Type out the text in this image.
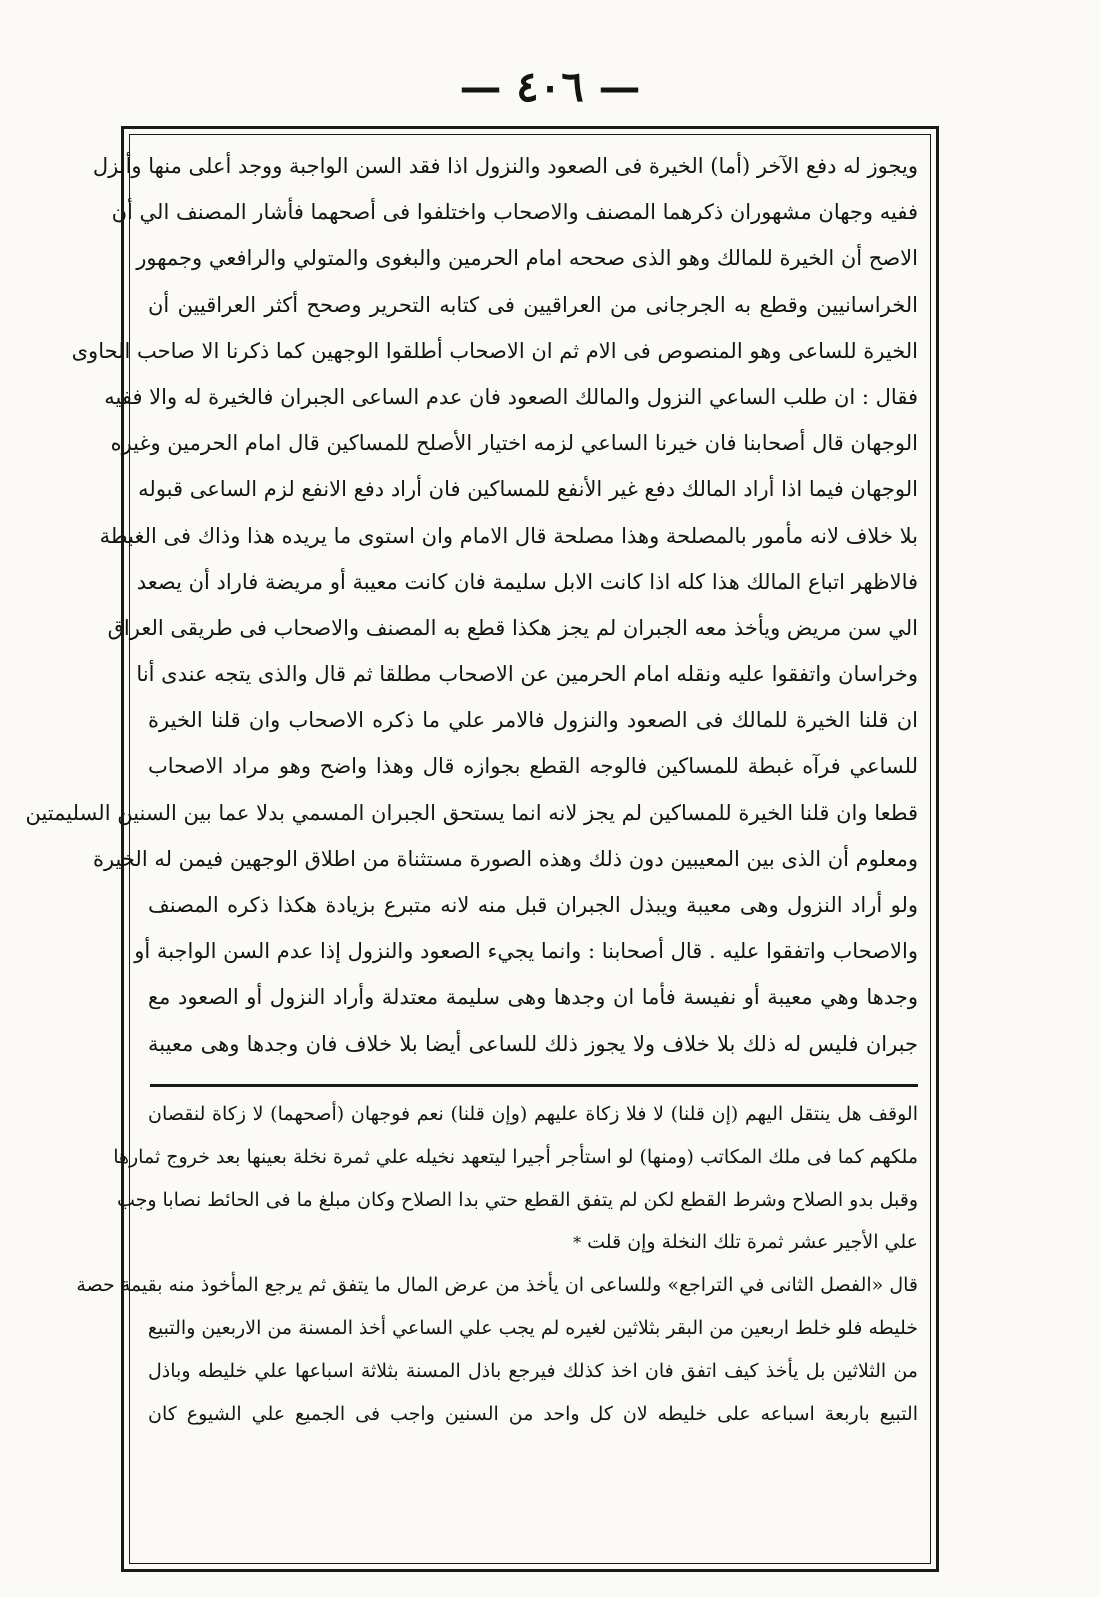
— ٤٠٦ —
ويجوز له دفع الآخر (أما) الخيرة فى الصعود والنزول اذا فقد السن الواجبة ووجد أعلى منها وأنزل
ففيه وجهان مشهوران ذكرهما المصنف والاصحاب واختلفوا فى أصحهما فأشار المصنف الي أن
الاصح أن الخيرة للمالك وهو الذى صححه امام الحرمين والبغوى والمتولي والرافعي وجمهور
الخراسانيين وقطع به الجرجانى من العراقيين فى كتابه التحرير وصحح أكثر العراقيين أن
الخيرة للساعى وهو المنصوص فى الام ثم ان الاصحاب أطلقوا الوجهين كما ذكرنا الا صاحب الحاوى
فقال : ان طلب الساعي النزول والمالك الصعود فان عدم الساعى الجبران فالخيرة له والا ففيه
الوجهان قال أصحابنا فان خيرنا الساعي لزمه اختيار الأصلح للمساكين قال امام الحرمين وغيره
الوجهان فيما اذا أراد المالك دفع غير الأنفع للمساكين فان أراد دفع الانفع لزم الساعى قبوله
بلا خلاف لانه مأمور بالمصلحة وهذا مصلحة قال الامام وان استوى ما يريده هذا وذاك فى الغبطة
فالاظهر اتباع المالك هذا كله اذا كانت الابل سليمة فان كانت معيبة أو مريضة فاراد أن يصعد
الي سن مريض ويأخذ معه الجبران لم يجز هكذا قطع به المصنف والاصحاب فى طريقى العراق
وخراسان واتفقوا عليه ونقله امام الحرمين عن الاصحاب مطلقا ثم قال والذى يتجه عندى أنا
ان قلنا الخيرة للمالك فى الصعود والنزول فالامر علي ما ذكره الاصحاب وان قلنا الخيرة
للساعي فرآه غبطة للمساكين فالوجه القطع بجوازه قال وهذا واضح وهو مراد الاصحاب
قطعا وان قلنا الخيرة للمساكين لم يجز لانه انما يستحق الجبران المسمي بدلا عما بين السنين السليمتين
ومعلوم أن الذى بين المعيبين دون ذلك وهذه الصورة مستثناة من اطلاق الوجهين فيمن له الخيرة
ولو أراد النزول وهى معيبة ويبذل الجبران قبل منه لانه متبرع بزيادة هكذا ذكره المصنف
والاصحاب واتفقوا عليه . قال أصحابنا : وانما يجيء الصعود والنزول إذا عدم السن الواجبة أو
وجدها وهي معيبة أو نفيسة فأما ان وجدها وهى سليمة معتدلة وأراد النزول أو الصعود مع
جبران فليس له ذلك بلا خلاف ولا يجوز ذلك للساعى أيضا بلا خلاف فان وجدها وهى معيبة
الوقف هل ينتقل اليهم (إن قلنا) لا فلا زكاة عليهم (وإن قلنا) نعم فوجهان (أصحهما) لا زكاة لنقصان
ملكهم كما فى ملك المكاتب (ومنها) لو استأجر أجيرا ليتعهد نخيله علي ثمرة نخلة بعينها بعد خروج ثمارها
وقبل بدو الصلاح وشرط القطع لكن لم يتفق القطع حتي بدا الصلاح وكان مبلغ ما فى الحائط نصابا وجب
علي الأجير عشر ثمرة تلك النخلة وإن قلت *
قال «الفصل الثانى في التراجع» وللساعى ان يأخذ من عرض المال ما يتفق ثم يرجع المأخوذ منه بقيمة حصة
خليطه فلو خلط اربعين من البقر بثلاثين لغيره لم يجب علي الساعي أخذ المسنة من الاربعين والتبيع
من الثلاثين بل يأخذ كيف اتفق فان اخذ كذلك فيرجع باذل المسنة بثلاثة اسباعها علي خليطه وباذل
التبيع باربعة اسباعه على خليطه لان كل واحد من السنين واجب فى الجميع علي الشيوع كان
